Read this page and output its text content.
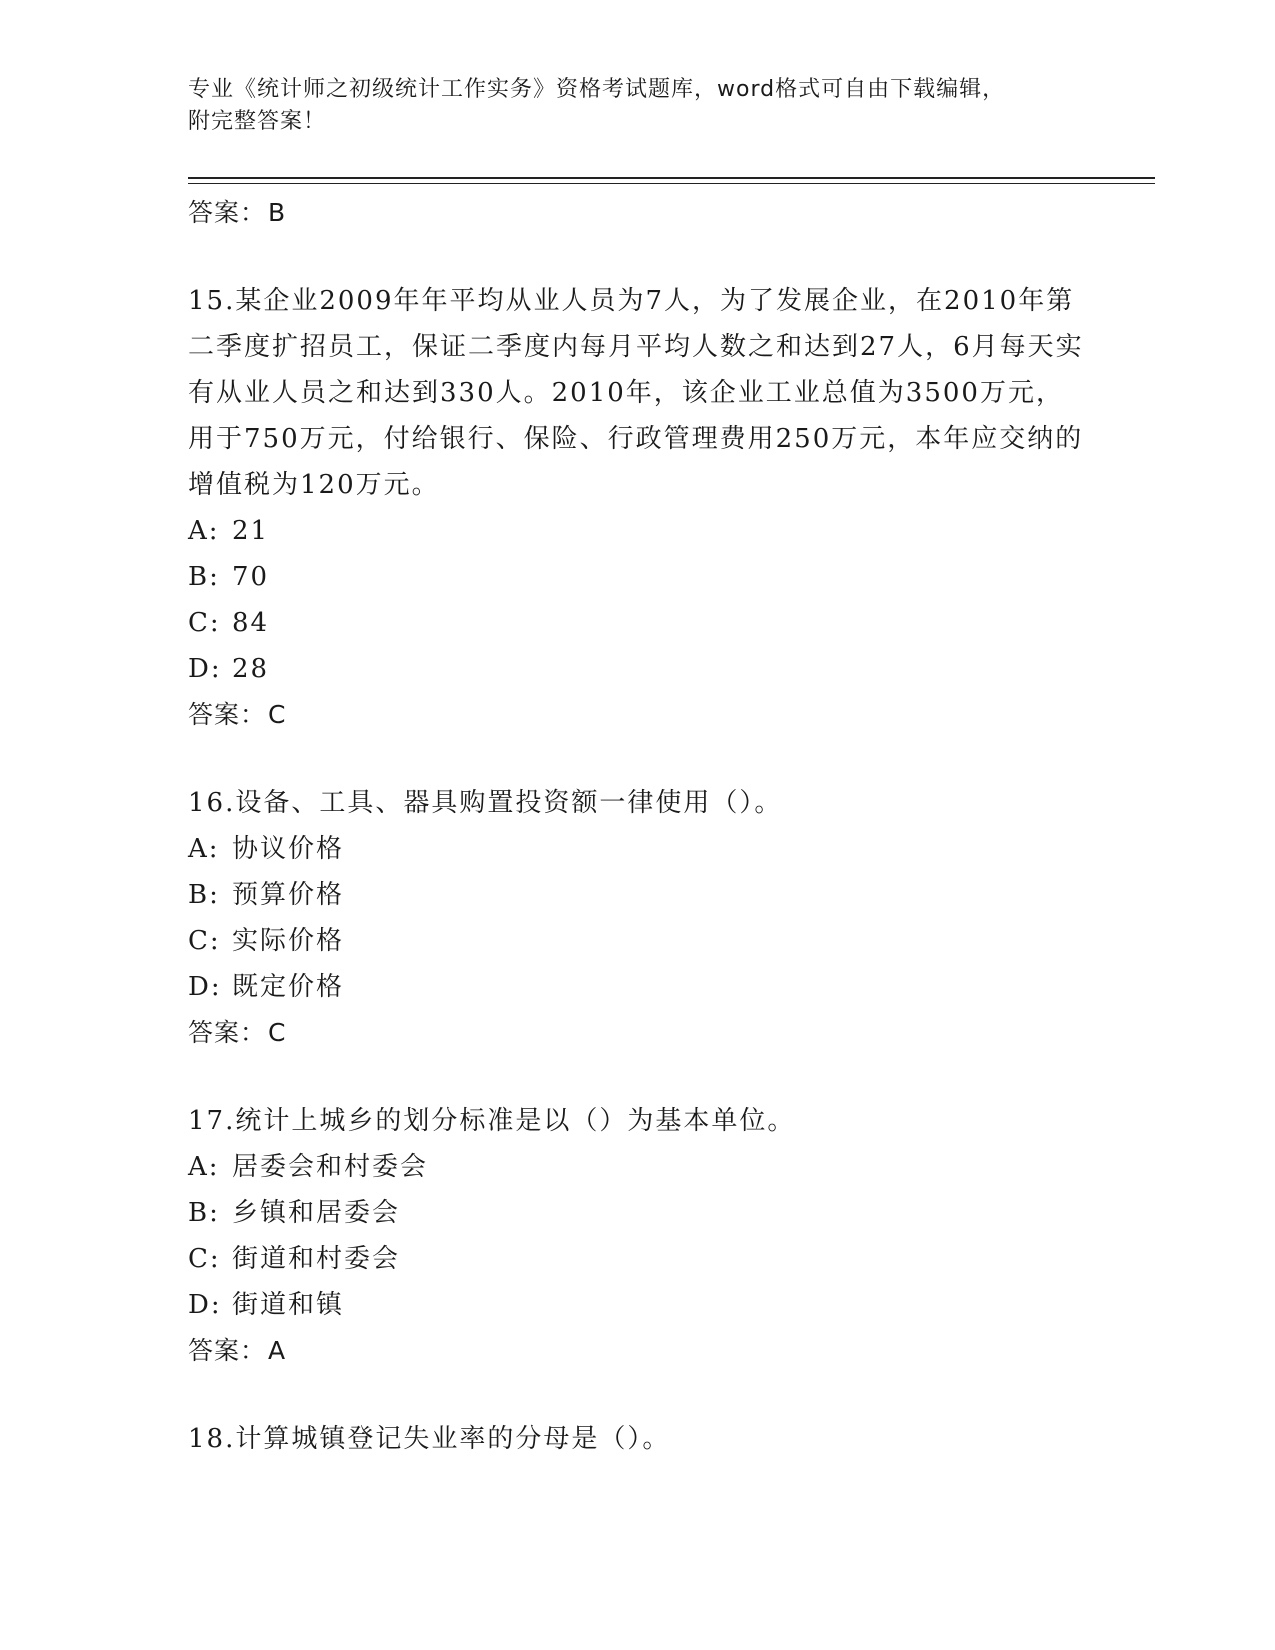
专业《统计师之初级统计工作实务》资格考试题库，word格式可自由下载编辑，
附完整答案！

答案：B

15.某企业2009年年平均从业人员为7人，为了发展企业，在2010年第二季度扩招员工，保证二季度内每月平均人数之和达到27人，6月每天实有从业人员之和达到330人。2010年，该企业工业总值为3500万元，用于750万元，付给银行、保险、行政管理费用250万元，本年应交纳的增值税为120万元。

A: 21

B: 70

C: 84

D: 28

答案：C

16.设备、工具、器具购置投资额一律使用（）。

A: 协议价格

B: 预算价格

C: 实际价格

D: 既定价格

答案：C

17.统计上城乡的划分标准是以（）为基本单位。

A: 居委会和村委会

B: 乡镇和居委会

C: 街道和村委会

D: 街道和镇

答案：A

18.计算城镇登记失业率的分母是（）。
